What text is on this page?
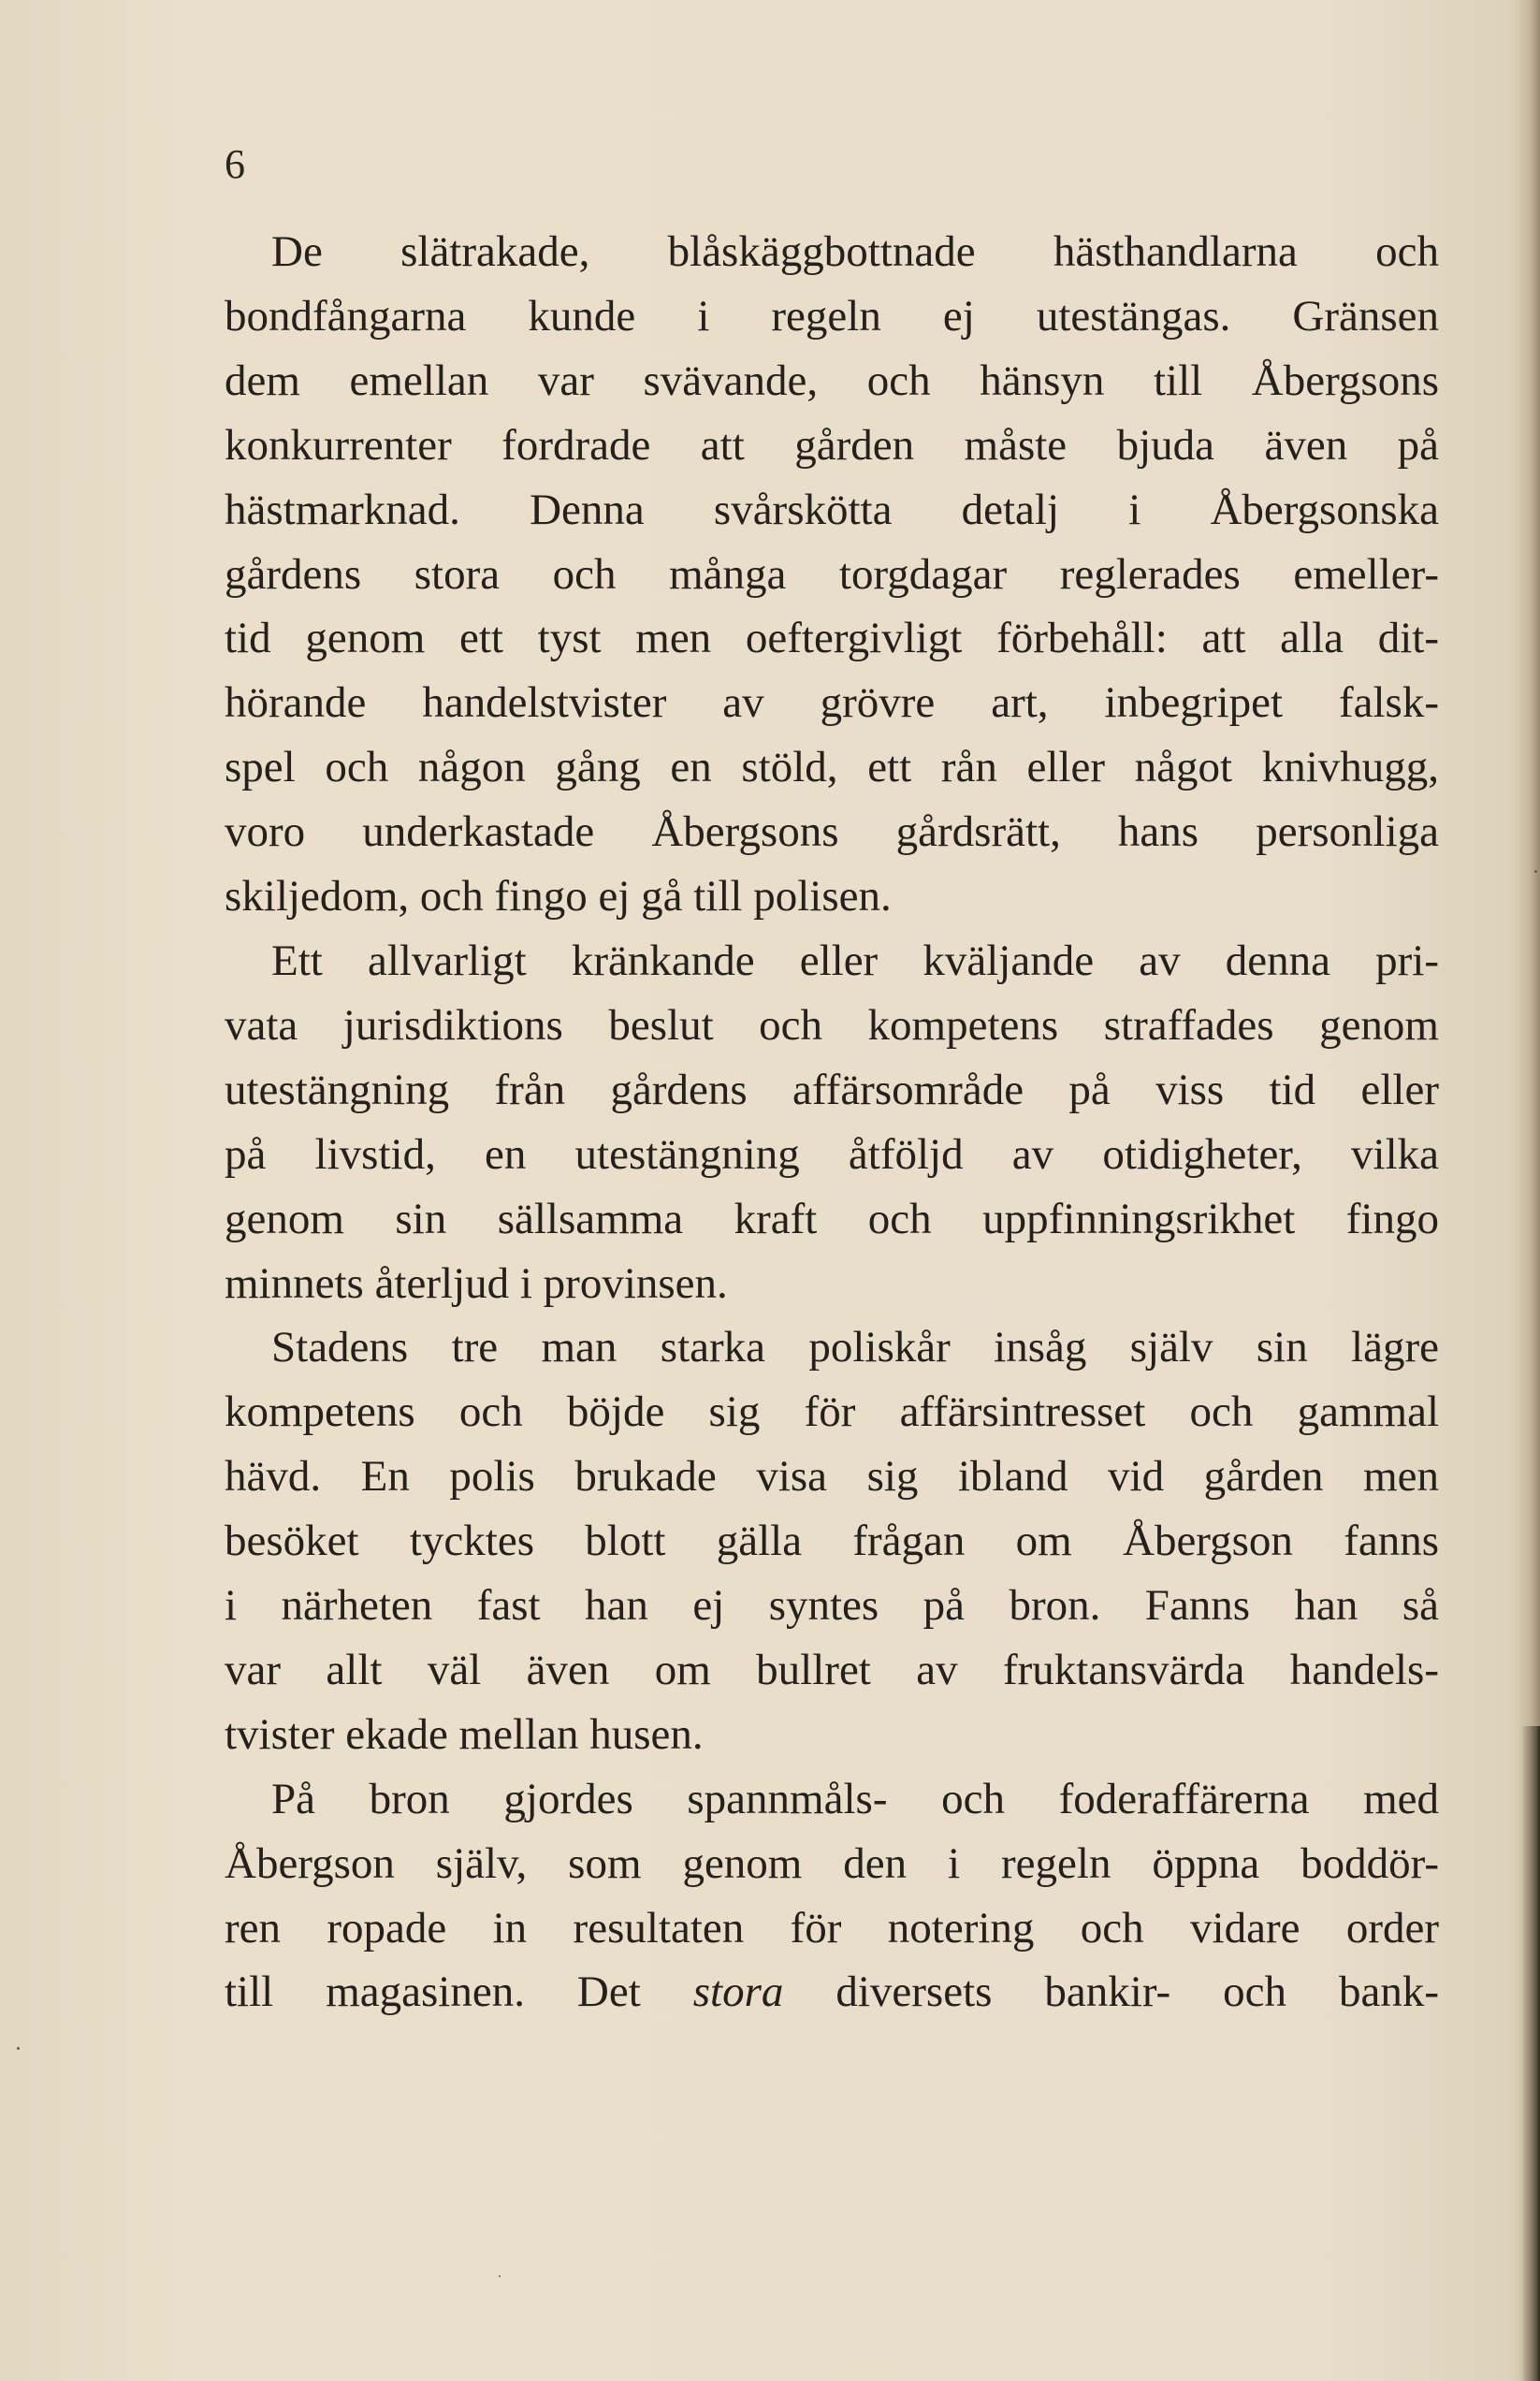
6

De slätrakade, blåskäggbottnade hästhandlarna och
bondfångarna kunde i regeln ej utestängas. Gränsen
dem emellan var svävande, och hänsyn till Åbergsons
konkurrenter fordrade att gården måste bjuda även på
hästmarknad. Denna svårskötta detalj i Åbergsonska
gårdens stora och många torgdagar reglerades emeller-
tid genom ett tyst men oeftergivligt förbehåll: att alla dit-
hörande handelstvister av grövre art, inbegripet falsk-
spel och någon gång en stöld, ett rån eller något knivhugg,
voro underkastade Åbergsons gårdsrätt, hans personliga
skiljedom, och fingo ej gå till polisen.
Ett allvarligt kränkande eller kväljande av denna pri-
vata jurisdiktions beslut och kompetens straffades genom
utestängning från gårdens affärsområde på viss tid eller
på livstid, en utestängning åtföljd av otidigheter, vilka
genom sin sällsamma kraft och uppfinningsrikhet fingo
minnets återljud i provinsen.
Stadens tre man starka poliskår insåg själv sin lägre
kompetens och böjde sig för affärsintresset och gammal
hävd. En polis brukade visa sig ibland vid gården men
besöket tycktes blott gälla frågan om Åbergson fanns
i närheten fast han ej syntes på bron. Fanns han så
var allt väl även om bullret av fruktansvärda handels-
tvister ekade mellan husen.
På bron gjordes spannmåls- och foderaffärerna med
Åbergson själv, som genom den i regeln öppna boddör-
ren ropade in resultaten för notering och vidare order
till magasinen. Det stora diversets bankir- och bank-
